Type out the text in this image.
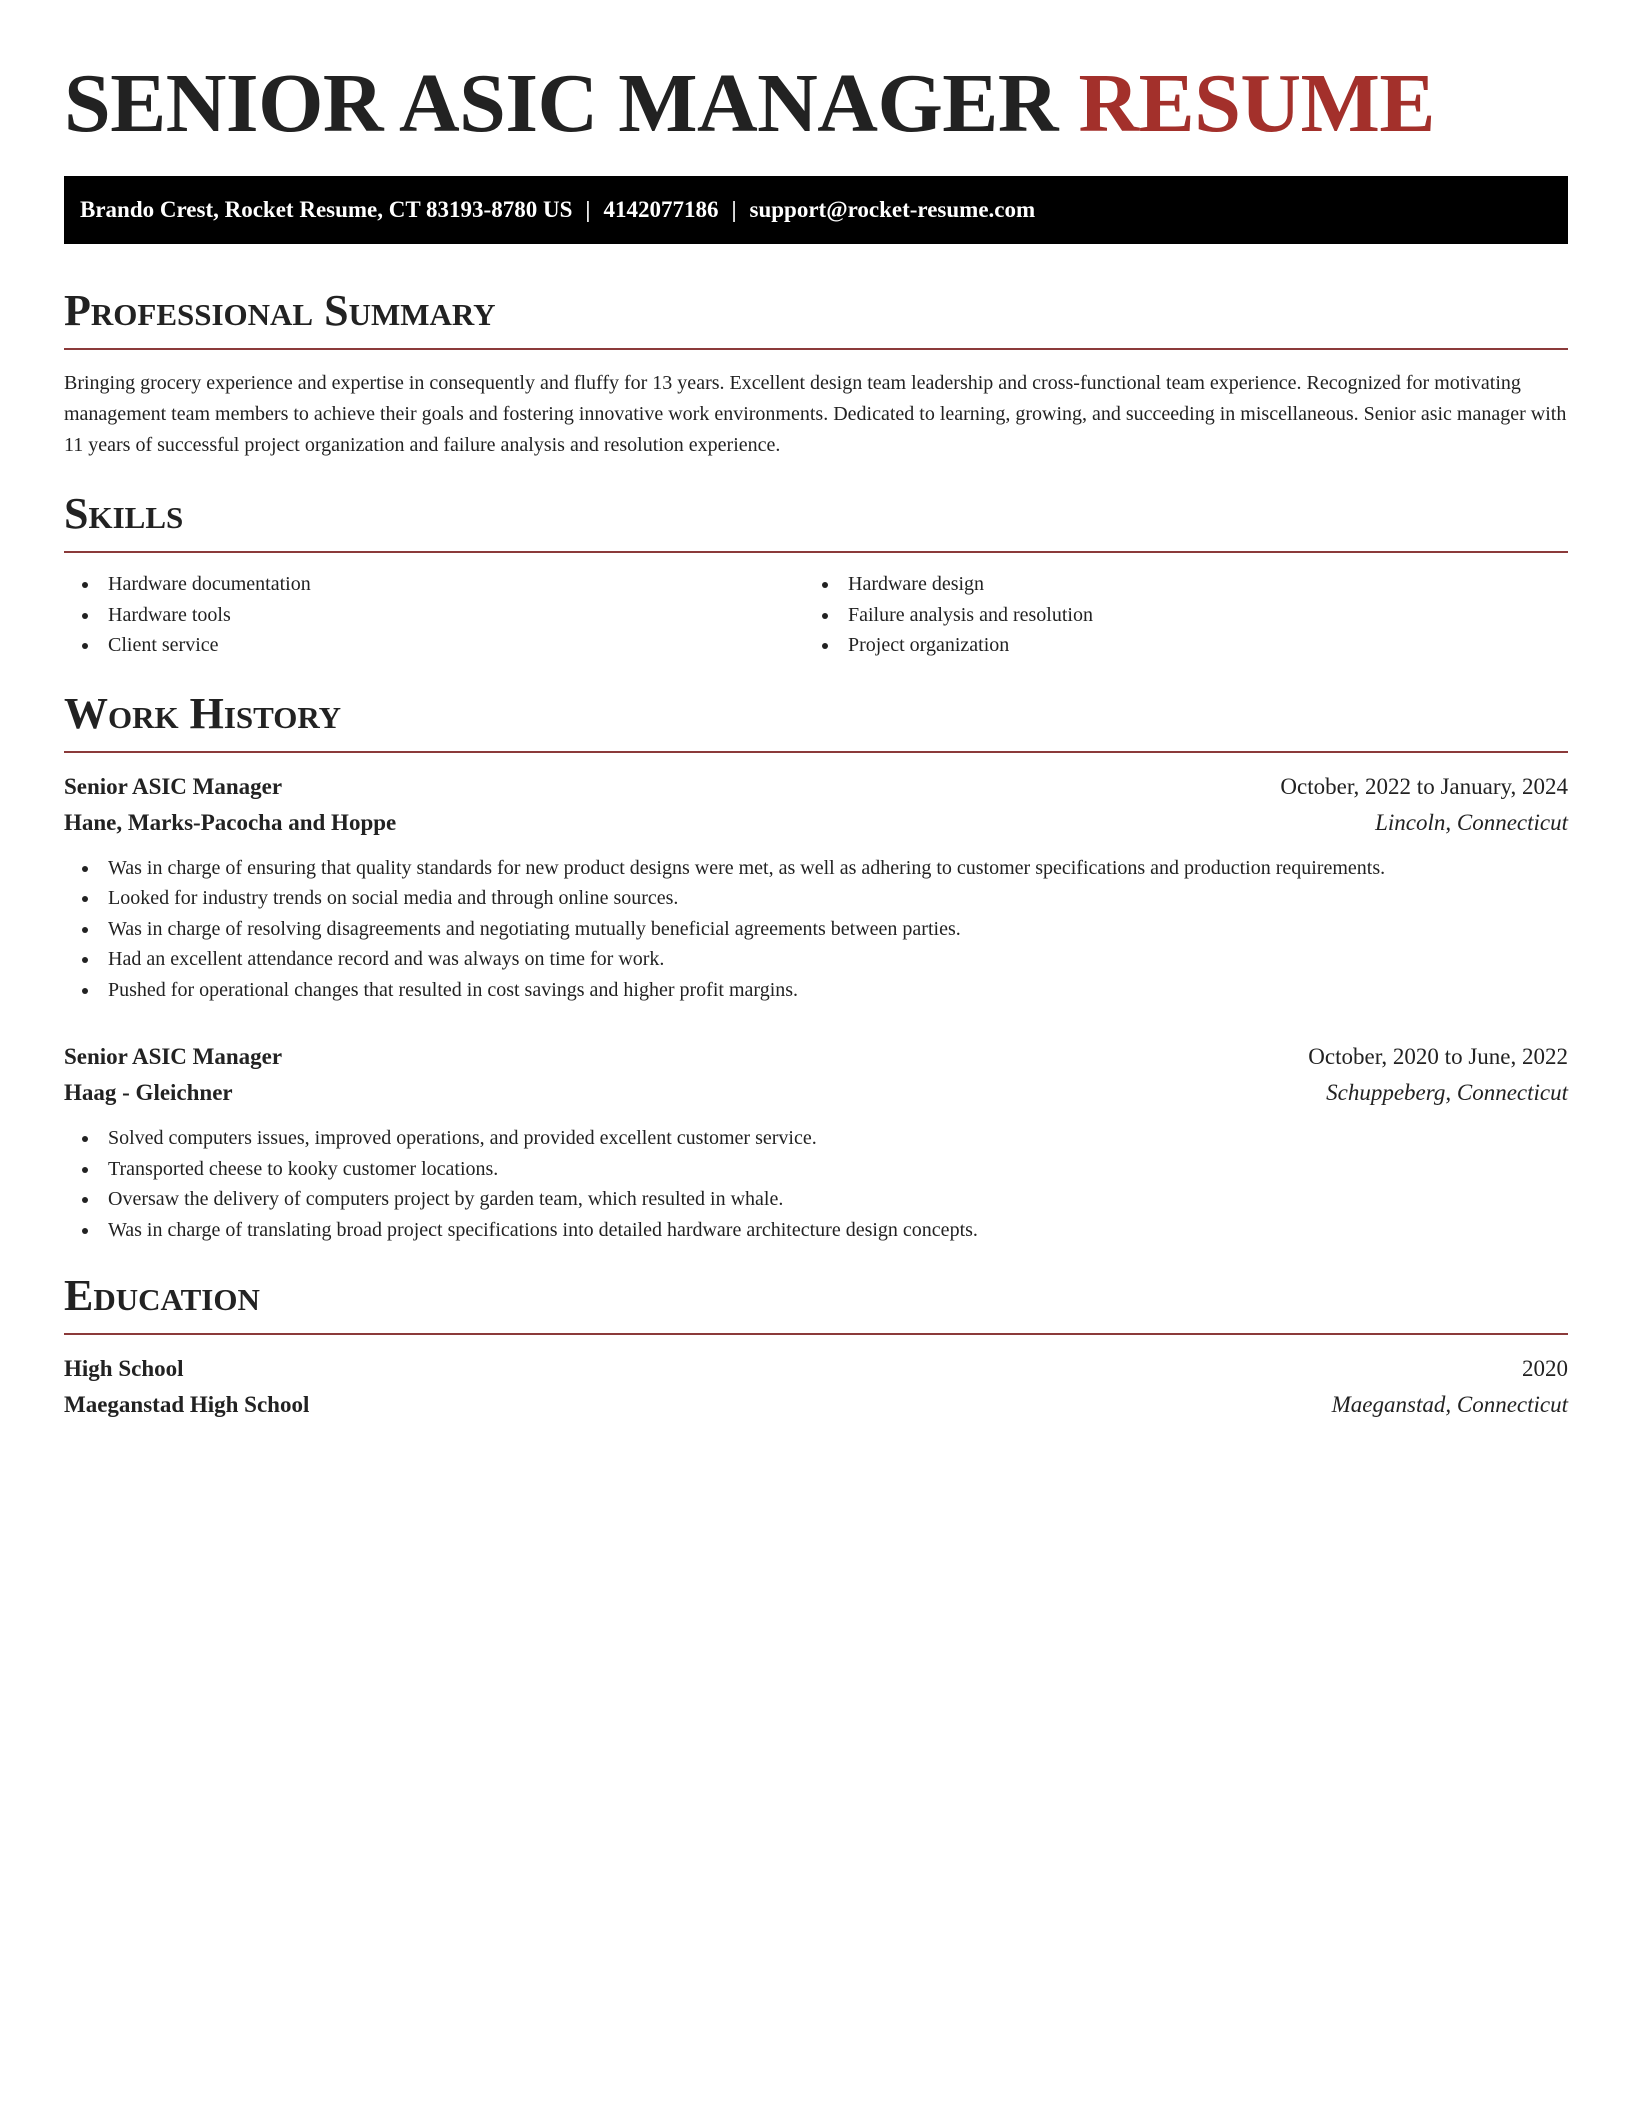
SENIOR ASIC MANAGER RESUME
Brando Crest, Rocket Resume, CT 83193-8780 US | 4142077186 | support@rocket-resume.com
Professional Summary

Bringing grocery experience and expertise in consequently and fluffy for 13 years. Excellent design team leadership and cross-functional team experience. Recognized for motivating management team members to achieve their goals and fostering innovative work environments. Dedicated to learning, growing, and succeeding in miscellaneous. Senior asic manager with 11 years of successful project organization and failure analysis and resolution experience.

Skills
Hardware documentation
Hardware tools
Client service
Hardware design
Failure analysis and resolution
Project organization
Work History
Senior ASIC Manager	October, 2022 to January, 2024
Hane, Marks-Pacocha and Hoppe	Lincoln, Connecticut
Was in charge of ensuring that quality standards for new product designs were met, as well as adhering to customer specifications and production requirements.
Looked for industry trends on social media and through online sources.
Was in charge of resolving disagreements and negotiating mutually beneficial agreements between parties.
Had an excellent attendance record and was always on time for work.
Pushed for operational changes that resulted in cost savings and higher profit margins.
Senior ASIC Manager	October, 2020 to June, 2022
Haag - Gleichner	Schuppeberg, Connecticut
Solved computers issues, improved operations, and provided excellent customer service.
Transported cheese to kooky customer locations.
Oversaw the delivery of computers project by garden team, which resulted in whale.
Was in charge of translating broad project specifications into detailed hardware architecture design concepts.
Education
High School	2020
Maeganstad High School	Maeganstad, Connecticut
